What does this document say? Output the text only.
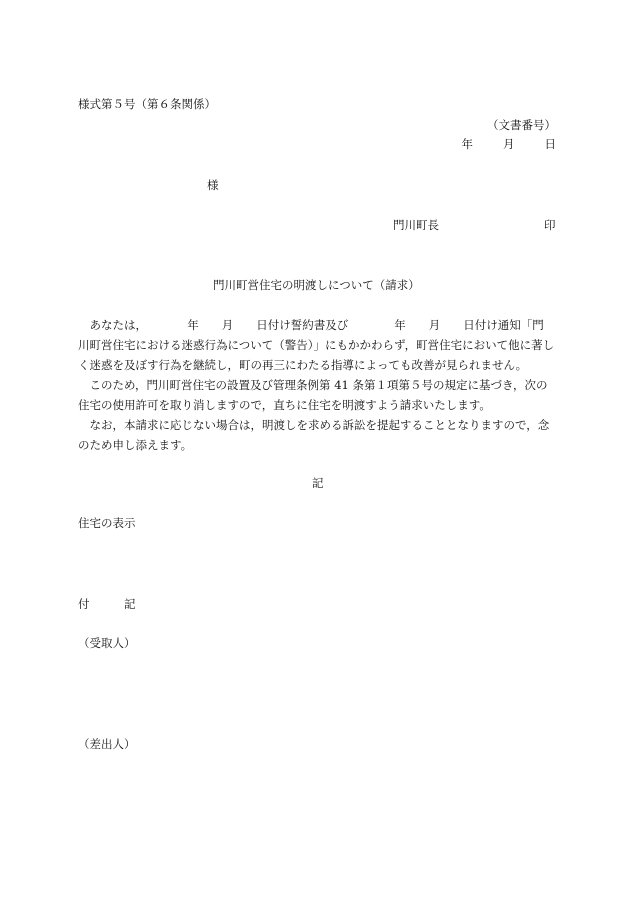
様式第５号（第６条関係）
（文書番号）
年	月	日
様
門川町長	印
門川町営住宅の明渡しについて（請求）
あなたは，　　　　年　　月　　日付け誓約書及び　　　　年　　月　　日付け通知「門
川町営住宅における迷惑行為について（警告）」にもかかわらず，町営住宅において他に著し
く迷惑を及ぼす行為を継続し，町の再三にわたる指導によっても改善が見られません。
このため，門川町営住宅の設置及び管理条例第 41 条第１項第５号の規定に基づき，次の
住宅の使用許可を取り消しますので，直ちに住宅を明渡すよう請求いたします。
なお，本請求に応じない場合は，明渡しを求める訴訟を提起することとなりますので，念
のため申し添えます。
記
住宅の表示
付　　　記
（受取人）
（差出人）
